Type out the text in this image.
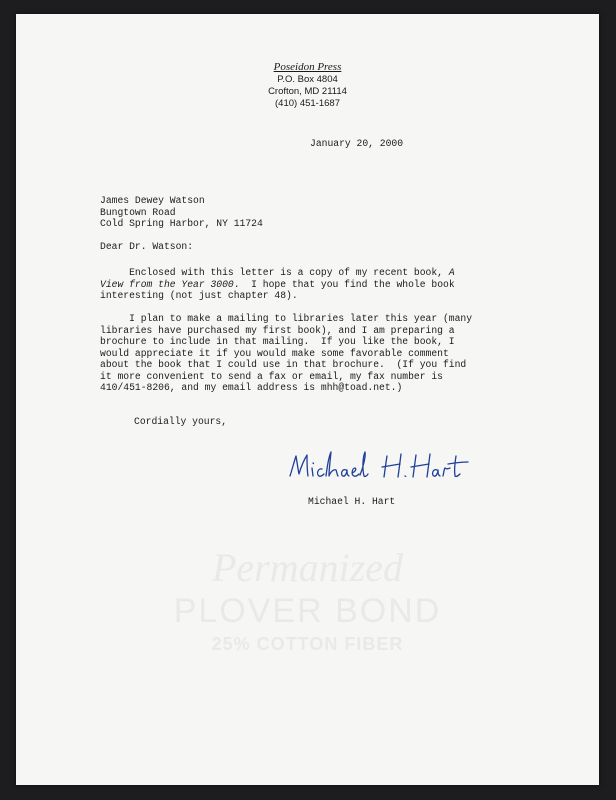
Poseidon Press
P.O. Box 4804
Crofton, MD 21114
(410) 451-1687
January 20, 2000
James Dewey Watson
Bungtown Road
Cold Spring Harbor, NY 11724
Dear Dr. Watson:
Enclosed with this letter is a copy of my recent book, A
View from the Year 3000.  I hope that you find the whole book
interesting (not just chapter 48).
I plan to make a mailing to libraries later this year (many
libraries have purchased my first book), and I am preparing a
brochure to include in that mailing.  If you like the book, I
would appreciate it if you would make some favorable comment
about the book that I could use in that brochure.  (If you find
it more convenient to send a fax or email, my fax number is
410/451-8206, and my email address is mhh@toad.net.)
Cordially yours,
Michael H. Hart
Permanized
PLOVER BOND
25% COTTON FIBER
